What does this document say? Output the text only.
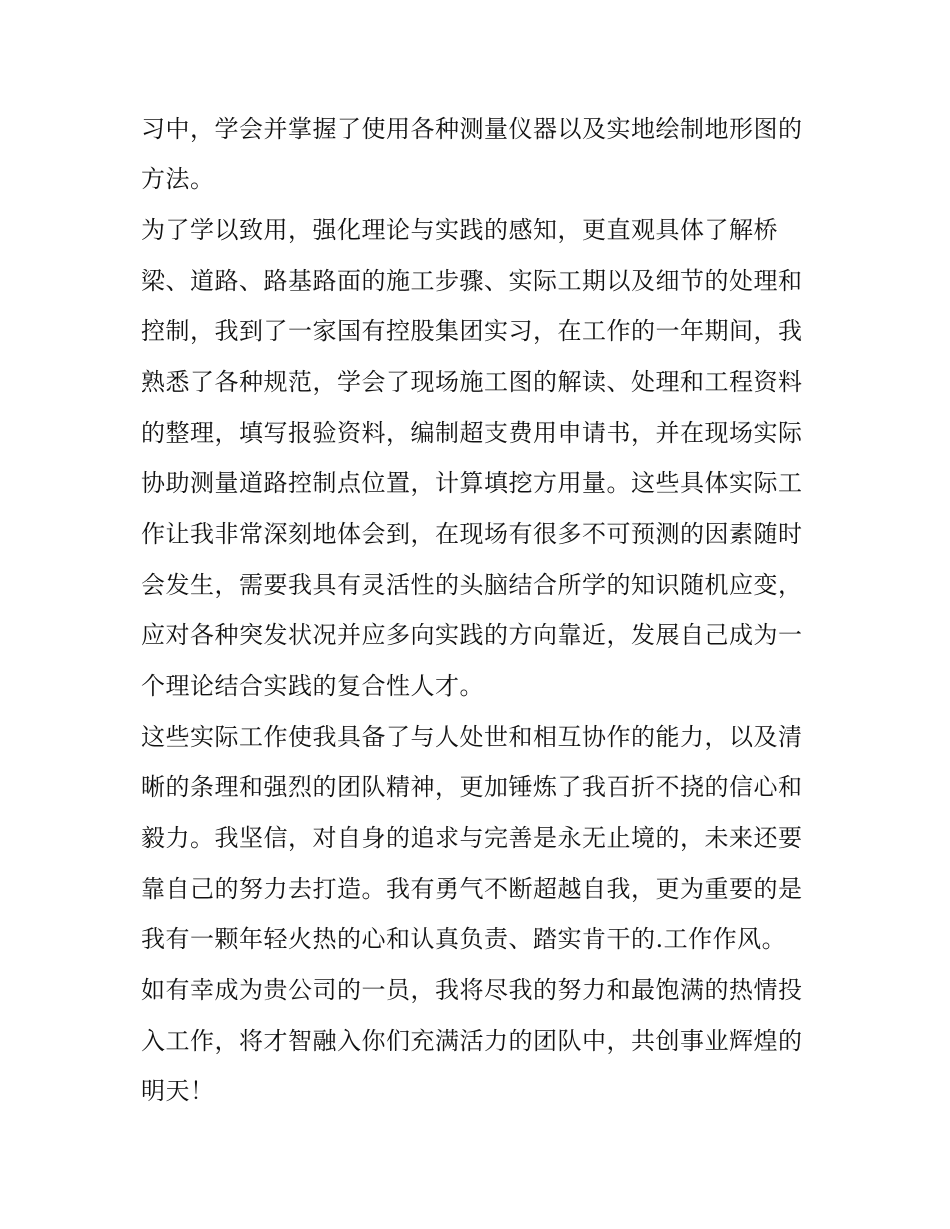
习中，学会并掌握了使用各种测量仪器以及实地绘制地形图的
方法。
为了学以致用，强化理论与实践的感知，更直观具体了解桥
梁、道路、路基路面的施工步骤、实际工期以及细节的处理和
控制，我到了一家国有控股集团实习，在工作的一年期间，我
熟悉了各种规范，学会了现场施工图的解读、处理和工程资料
的整理，填写报验资料，编制超支费用申请书，并在现场实际
协助测量道路控制点位置，计算填挖方用量。这些具体实际工
作让我非常深刻地体会到，在现场有很多不可预测的因素随时
会发生，需要我具有灵活性的头脑结合所学的知识随机应变，
应对各种突发状况并应多向实践的方向靠近，发展自己成为一
个理论结合实践的复合性人才。
这些实际工作使我具备了与人处世和相互协作的能力，以及清
晰的条理和强烈的团队精神，更加锤炼了我百折不挠的信心和
毅力。我坚信，对自身的追求与完善是永无止境的，未来还要
靠自己的努力去打造。我有勇气不断超越自我，更为重要的是
我有一颗年轻火热的心和认真负责、踏实肯干的.工作作风。
如有幸成为贵公司的一员，我将尽我的努力和最饱满的热情投
入工作，将才智融入你们充满活力的团队中，共创事业辉煌的
明天！
